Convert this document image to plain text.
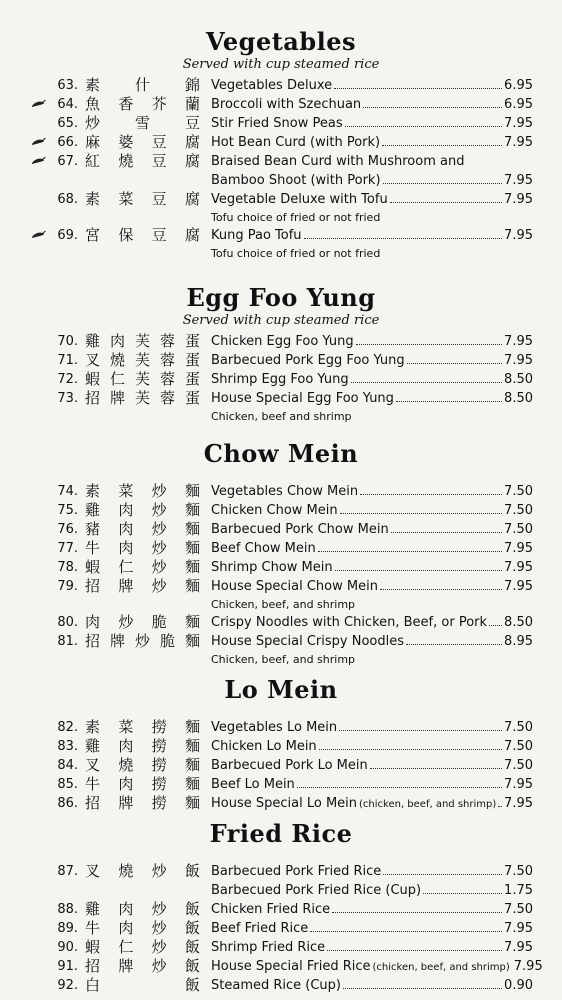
Vegetables
Served with cup steamed rice
63. 素 什 錦 Vegetables Deluxe	6.95
64. 魚 香 芥 蘭 Broccoli with Szechuan	6.95
65. 炒 雪 豆 Stir Fried Snow Peas	7.95
66. 麻 婆 豆 腐 Hot Bean Curd (with Pork)	7.95
67. 紅 燒 豆 腐 Braised Bean Curd with Mushroom and
Bamboo Shoot (with Pork)	7.95
68. 素 菜 豆 腐 Vegetable Deluxe with Tofu	7.95
Tofu choice of fried or not fried
69. 宮 保 豆 腐 Kung Pao Tofu	7.95
Tofu choice of fried or not fried
Egg Foo Yung
Served with cup steamed rice
70. 雞 肉 芙 蓉 蛋 Chicken Egg Foo Yung	7.95
71. 叉 燒 芙 蓉 蛋 Barbecued Pork Egg Foo Yung	7.95
72. 蝦 仁 芙 蓉 蛋 Shrimp Egg Foo Yung	8.50
73. 招 牌 芙 蓉 蛋 House Special Egg Foo Yung	8.50
Chicken, beef and shrimp
Chow Mein
74. 素 菜 炒 麵 Vegetables Chow Mein	7.50
75. 雞 肉 炒 麵 Chicken Chow Mein	7.50
76. 豬 肉 炒 麵 Barbecued Pork Chow Mein	7.50
77. 牛 肉 炒 麵 Beef Chow Mein	7.95
78. 蝦 仁 炒 麵 Shrimp Chow Mein	7.95
79. 招 牌 炒 麵 House Special Chow Mein	7.95
Chicken, beef, and shrimp
80. 肉 炒 脆 麵 Crispy Noodles with Chicken, Beef, or Pork 8.50
81. 招 牌 炒 脆 麵 House Special Crispy Noodles	8.95
Chicken, beef, and shrimp
Lo Mein
82. 素 菜 撈 麵 Vegetables Lo Mein	7.50
83. 雞 肉 撈 麵 Chicken Lo Mein	7.50
84. 叉 燒 撈 麵 Barbecued Pork Lo Mein	7.50
85. 牛 肉 撈 麵 Beef Lo Mein	7.95
86. 招 牌 撈 麵 House Special Lo Mein (chicken, beef, and shrimp) 7.95
Fried Rice
87. 叉 燒 炒 飯 Barbecued Pork Fried Rice	7.50
Barbecued Pork Fried Rice (Cup)	1.75
88. 雞 肉 炒 飯 Chicken Fried Rice	7.50
89. 牛 肉 炒 飯 Beef Fried Rice	7.95
90. 蝦 仁 炒 飯 Shrimp Fried Rice	7.95
91. 招 牌 炒 飯 House Special Fried Rice (chicken, beef, and shrimp) 7.95
92. 白	飯 Steamed Rice (Cup)	0.90
